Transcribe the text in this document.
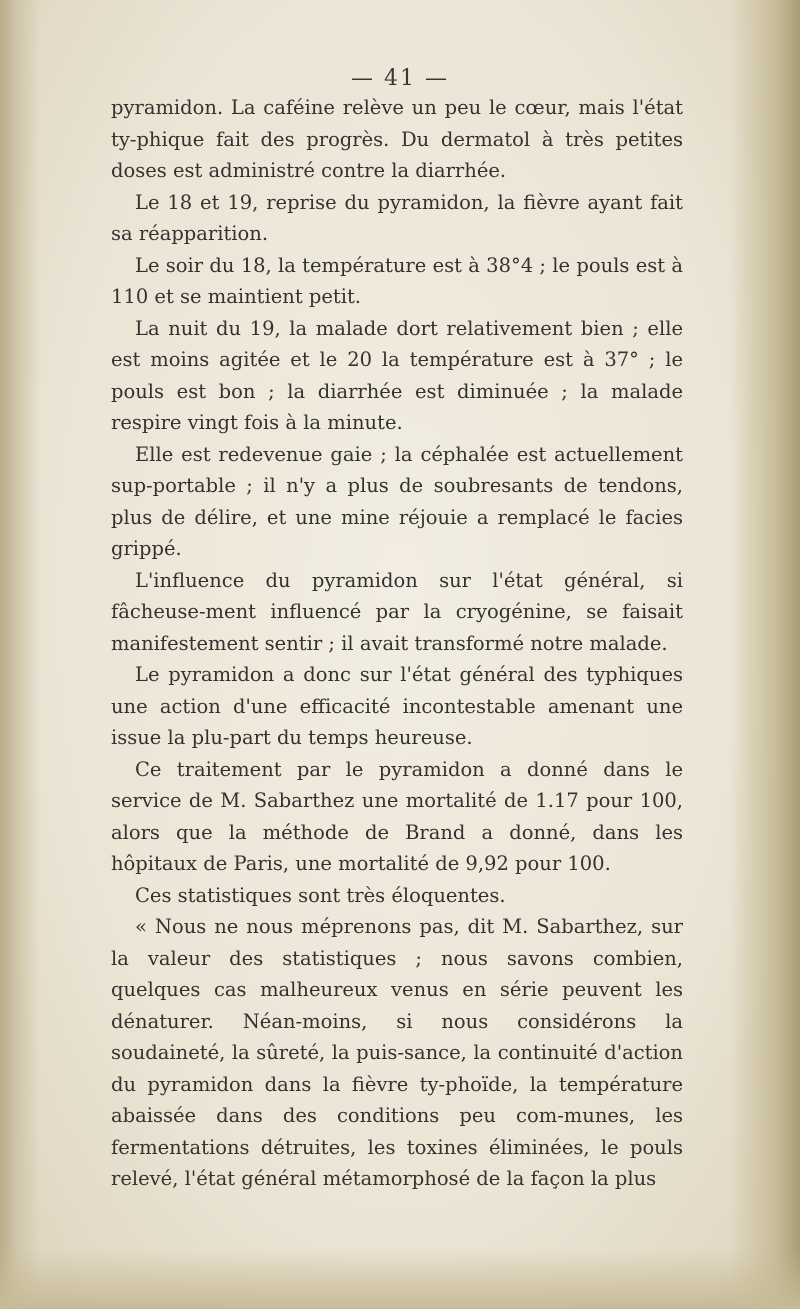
— 41 —

pyramidon. La caféine relève un peu le cœur, mais l'état ty-phique fait des progrès. Du dermatol à très petites doses est administré contre la diarrhée.

Le 18 et 19, reprise du pyramidon, la fièvre ayant fait sa réapparition.

Le soir du 18, la température est à 38°4 ; le pouls est à 110 et se maintient petit.

La nuit du 19, la malade dort relativement bien ; elle est moins agitée et le 20 la température est à 37° ; le pouls est bon ; la diarrhée est diminuée ; la malade respire vingt fois à la minute.

Elle est redevenue gaie ; la céphalée est actuellement sup-portable ; il n'y a plus de soubresants de tendons, plus de délire, et une mine réjouie a remplacé le facies grippé.

L'influence du pyramidon sur l'état général, si fâcheuse-ment influencé par la cryogénine, se faisait manifestement sentir ; il avait transformé notre malade.

Le pyramidon a donc sur l'état général des typhiques une action d'une efficacité incontestable amenant une issue la plu-part du temps heureuse.

Ce traitement par le pyramidon a donné dans le service de M. Sabarthez une mortalité de 1.17 pour 100, alors que la méthode de Brand a donné, dans les hôpitaux de Paris, une mortalité de 9,92 pour 100.

Ces statistiques sont très éloquentes.

« Nous ne nous méprenons pas, dit M. Sabarthez, sur la valeur des statistiques ; nous savons combien, quelques cas malheureux venus en série peuvent les dénaturer. Néan-moins, si nous considérons la soudaineté, la sûreté, la puis-sance, la continuité d'action du pyramidon dans la fièvre ty-phoïde, la température abaissée dans des conditions peu com-munes, les fermentations détruites, les toxines éliminées, le pouls relevé, l'état général métamorphosé de la façon la plus
